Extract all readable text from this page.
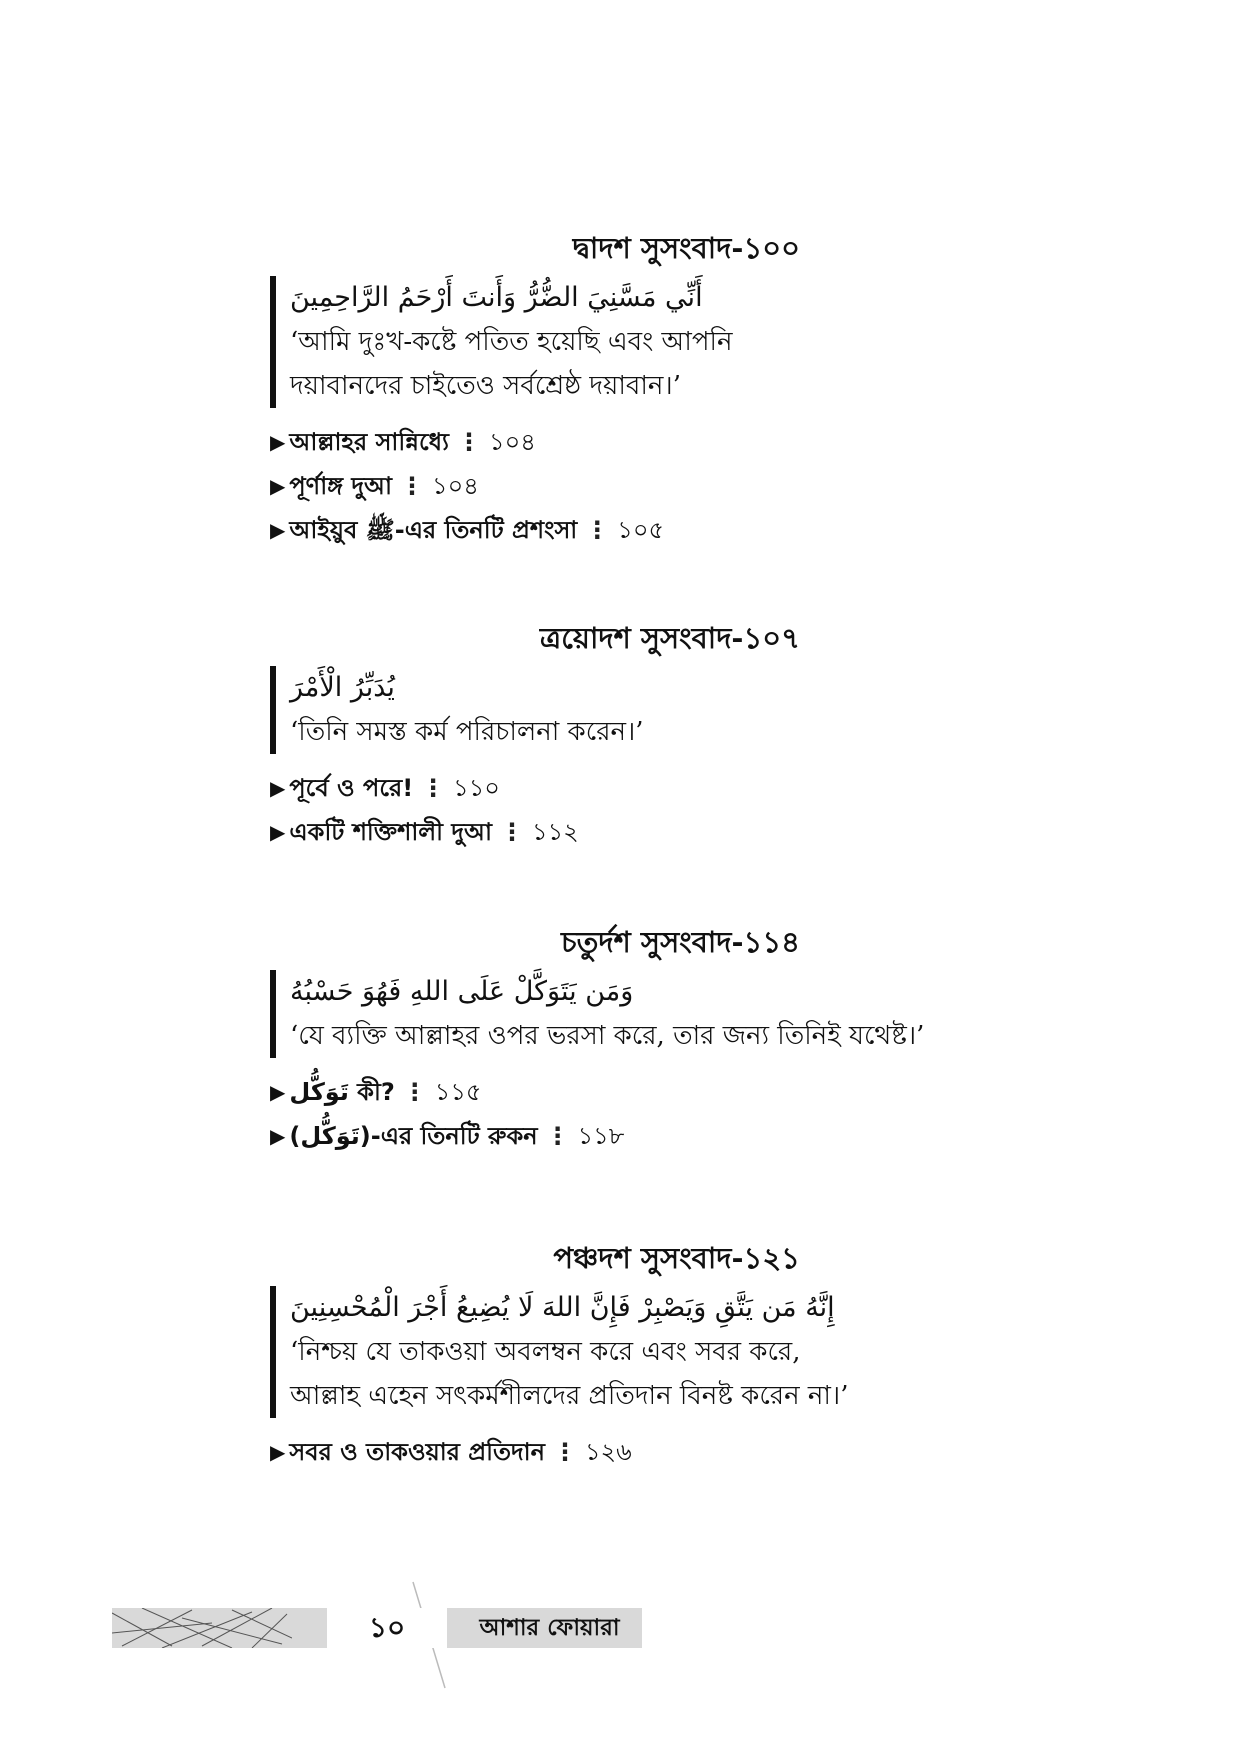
দ্বাদশ সুসংবাদ-১০০
أَنِّي مَسَّنِيَ الضُّرُّ وَأَنتَ أَرْحَمُ الرَّاحِمِينَ
‘আমি দুঃখ-কষ্টে পতিত হয়েছি এবং আপনি
দয়াবানদের চাইতেও সর্বশ্রেষ্ঠ দয়াবান।’
▶ আল্লাহর সান্নিধ্যে ⋮ ১০৪
▶ পূর্ণাঙ্গ দুআ ⋮ ১০৪
▶ আইয়ুব ﷺ-এর তিনটি প্রশংসা ⋮ ১০৫
ত্রয়োদশ সুসংবাদ-১০৭
يُدَبِّرُ الْأَمْرَ
‘তিনি সমস্ত কর্ম পরিচালনা করেন।’
▶ পূর্বে ও পরে! ⋮ ১১০
▶ একটি শক্তিশালী দুআ ⋮ ১১২
চতুর্দশ সুসংবাদ-১১৪
وَمَن يَتَوَكَّلْ عَلَى اللهِ فَهُوَ حَسْبُهُ
‘যে ব্যক্তি আল্লাহর ওপর ভরসা করে, তার জন্য তিনিই যথেষ্ট।’
▶ تَوَكُّل কী? ⋮ ১১৫
▶ (تَوَكُّل)-এর তিনটি রুকন ⋮ ১১৮
পঞ্চদশ সুসংবাদ-১২১
إِنَّهُ مَن يَتَّقِ وَيَصْبِرْ فَإِنَّ اللهَ لَا يُضِيعُ أَجْرَ الْمُحْسِنِينَ
‘নিশ্চয় যে তাকওয়া অবলম্বন করে এবং সবর করে,
আল্লাহ এহেন সৎকর্মশীলদের প্রতিদান বিনষ্ট করেন না।’
▶ সবর ও তাকওয়ার প্রতিদান ⋮ ১২৬
১০	আশার ফোয়ারা
